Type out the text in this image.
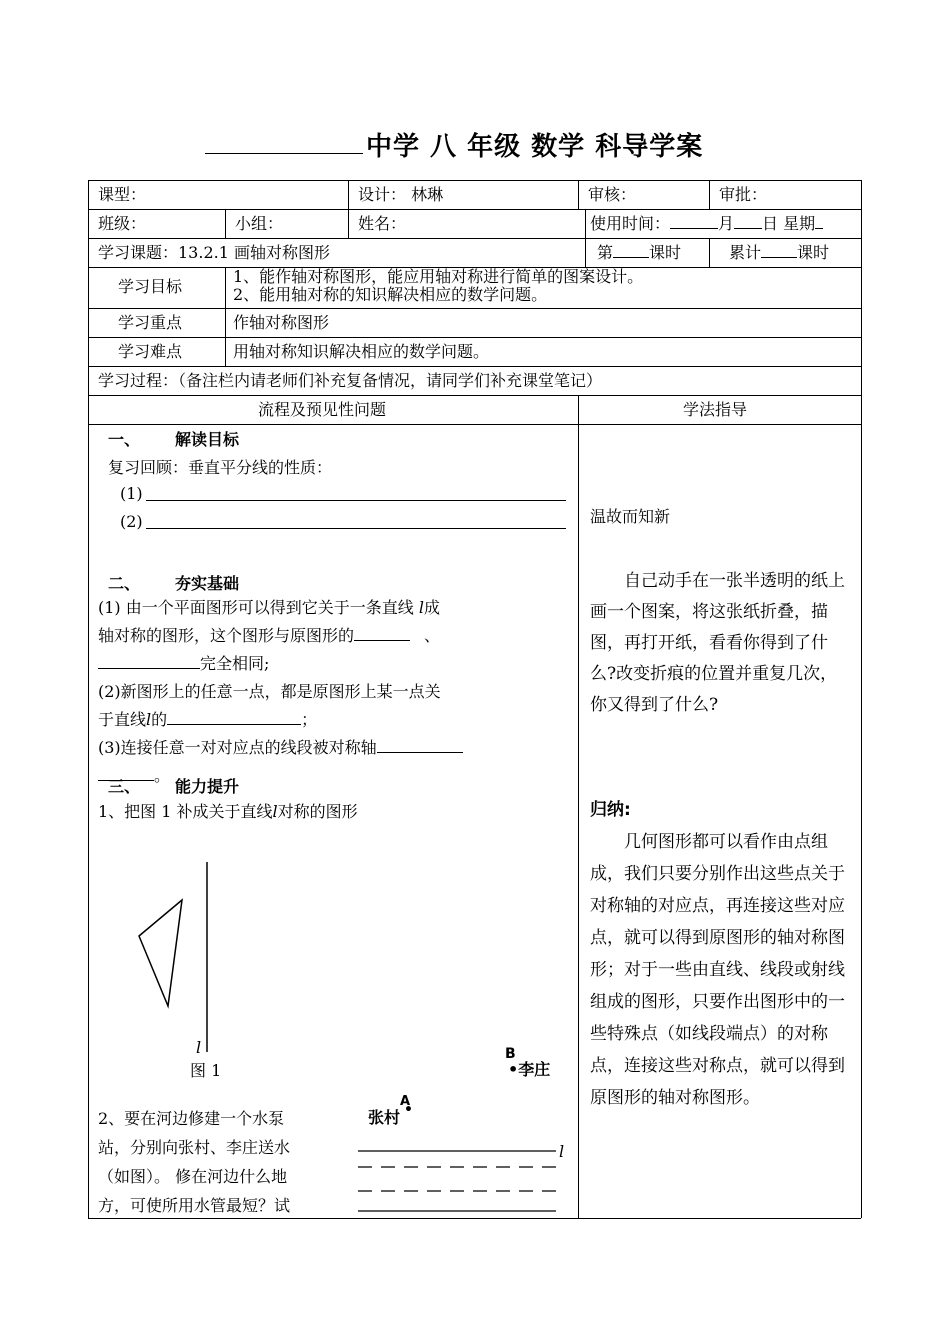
中学 八 年级 数学 科导学案
课型：	设计： 林琳	审核：	审批：
班级：	小组：	姓名：	使用时间：	月 日 星期
学习课题：13.2.1 画轴对称图形	第 课时	累计 课时
学习目标
1、能作轴对称图形，能应用轴对称进行简单的图案设计。
2、能用轴对称的知识解决相应的数学问题。
学习重点	作轴对称图形
学习难点	用轴对称知识解决相应的数学问题。
学习过程：（备注栏内请老师们补充复备情况，请同学们补充课堂笔记）
流程及预见性问题	学法指导
一、 解读目标
复习回顾：垂直平分线的性质：
(1)
(2)
二、 夯实基础
(1) 由一个平面图形可以得到它关于一条直线 l成
轴对称的图形，这个图形与原图形的	、
完全相同;
(2)新图形上的任意一点，都是原图形上某一点关
于直线l的	；
(3)连接任意一对对应点的线段被对称轴
。
三、 能力提升
1、把图 1 补成关于直线l对称的图形
l
图 1
2、要在河边修建一个水泵
站，分别向张村、李庄送水
（如图）。 修在河边什么地
方，可使所用水管最短？试
B
•李庄
A
•
张村
l
温故而知新
自己动手在一张半透明的纸上画一个图案，将这张纸折叠，描图，再打开纸，看看你得到了什么?改变折痕的位置并重复几次，你又得到了什么?
归纳:
几何图形都可以看作由点组成，我们只要分别作出这些点关于对称轴的对应点，再连接这些对应点，就可以得到原图形的轴对称图形；对于一些由直线、线段或射线组成的图形，只要作出图形中的一些特殊点（如线段端点）的对称点，连接这些对称点，就可以得到原图形的轴对称图形。
